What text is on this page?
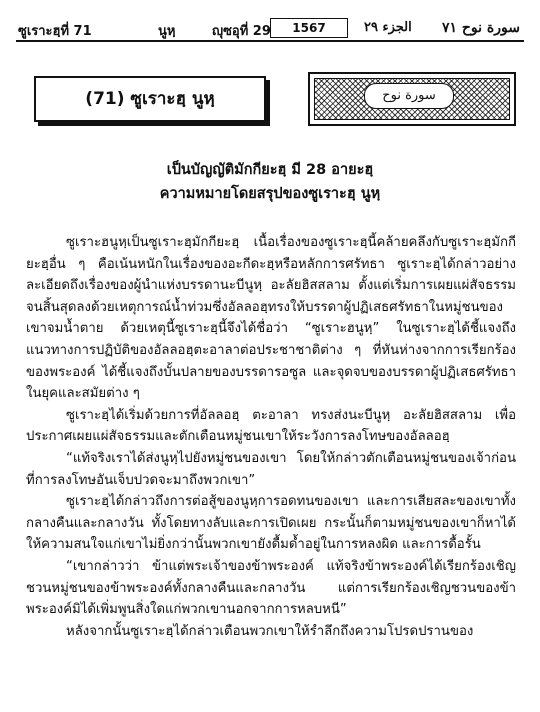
ซูเราะฮฺที่ 71	นูหฺ	ญุซอุที่ 29	1567	الجزء ٢٩ سورة نوح ٧١
(71) ซูเราะฮฺ นูหฺ	سورة نوح
เป็นบัญญัติมักกียะฮฺ มี 28 อายะฮฺ
ความหมายโดยสรุปของซูเราะฮฺ นูหฺ

ซูเราะฮนูหฺเป็นซูเราะฮฺมักกียะฮฺ เนื้อเรื่องของซูเราะฮฺนี้คล้ายคลึงกับซูเราะฮฺมักกียะฮฺอื่น ๆ คือเน้นหนักในเรื่องของอะกีดะฮฺหรือหลักการศรัทธา ซูเราะฮฺได้กล่าวอย่างละเอียดถึงเรื่องของผู้นำแห่งบรรดานะบีนูหฺ อะลัยฮิสสลาม ตั้งแต่เริ่มการเผยแผ่สัจธรรมจนสิ้นสุดลงด้วยเหตุการณ์น้ำท่วมซึ่งอัลลอฮฺทรงให้บรรดาผู้ปฏิเสธศรัทธาในหมู่ชนของเขาจมน้ำตาย ด้วยเหตุนี้ซูเราะฮฺนี้จึงได้ชื่อว่า “ซูเราะฮนูหฺ” ในซูเราะฮฺได้ชี้แจงถึงแนวทางการปฏิบัติของอัลลอฮฺตะอาลาต่อประชาชาติต่าง ๆ ที่หันห่างจากการเรียกร้องของพระองค์ ได้ชี้แจงถึงบั้นปลายของบรรดารอซูล และจุดจบของบรรดาผู้ปฏิเสธศรัทธาในยุคและสมัยต่าง ๆ

ซูเราะฮฺได้เริ่มด้วยการที่อัลลอฮฺ ตะอาลา ทรงส่งนะบีนูหฺ อะลัยฮิสสลาม เพื่อประกาศเผยแผ่สัจธรรมและตักเตือนหมู่ชนเขาให้ระวังการลงโทษของอัลลอฮฺ

“แท้จริงเราได้ส่งนูหฺไปยังหมู่ชนของเขา โดยให้กล่าวตักเตือนหมู่ชนของเจ้าก่อนที่การลงโทษอันเจ็บปวดจะมาถึงพวกเขา”

ซูเราะฮฺได้กล่าวถึงการต่อสู้ของนูหฺการอดทนของเขา และการเสียสละของเขาทั้งกลางคืนและกลางวัน ทั้งโดยทางลับและการเปิดเผย กระนั้นก็ตามหมู่ชนของเขาก็หาได้ให้ความสนใจแก่เขาไม่ยิ่งกว่านั้นพวกเขายังดื้มด้ำอยู่ในการหลงผิด และการดื้อรั้น

“เขากล่าวว่า ข้าแต่พระเจ้าของข้าพระองค์ แท้จริงข้าพระองค์ได้เรียกร้องเชิญชวนหมู่ชนของข้าพระองค์ทั้งกลางคืนและกลางวัน แต่การเรียกร้องเชิญชวนของข้าพระองค์มิได้เพิ่มพูนสิ่งใดแก่พวกเขานอกจากการหลบหนี”

หลังจากนั้นซูเราะฮฺได้กล่าวเตือนพวกเขาให้รำลึกถึงความโปรดปรานของ
